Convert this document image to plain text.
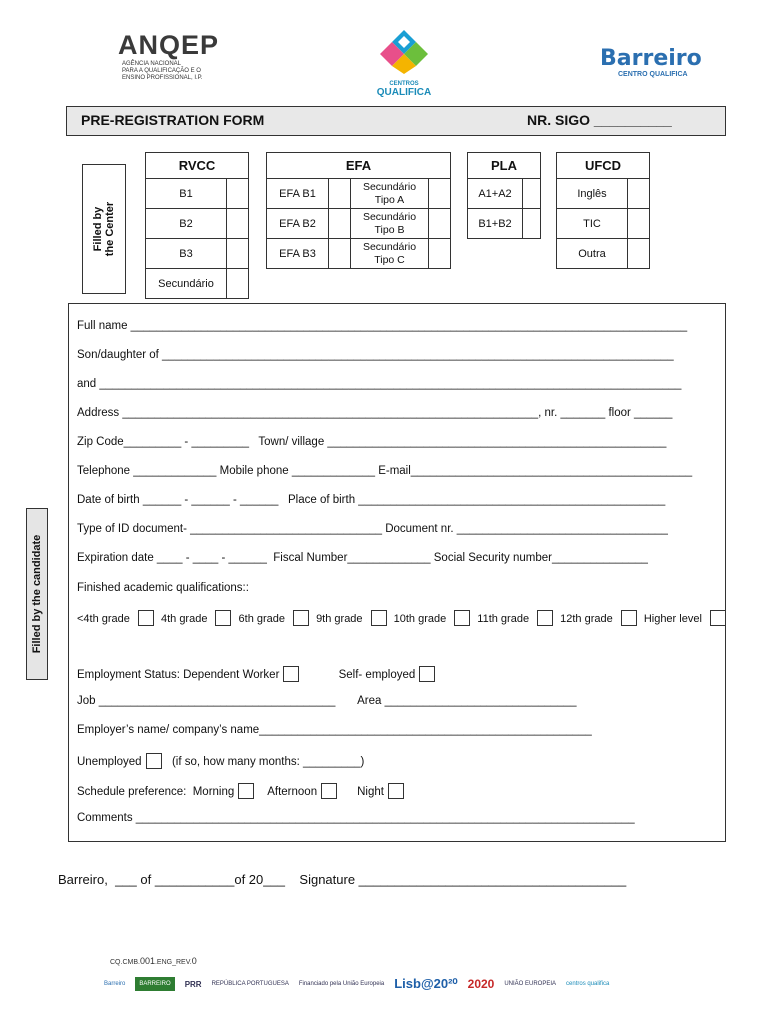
ANQEP
AGÊNCIA NACIONAL
PARA A QUALIFICAÇÃO E O
ENSINO PROFISSIONAL, I.P.
CENTROS
QUALIFICA
Barreiro
CENTRO QUALIFICA
PRE-REGISTRATION FORM	NR. SIGO __________
Filled by the Center
RVCC	
B1	
B2	
B3	
Secundário	
EFA			
EFA B1		Secundário
Tipo A	

EFA B2		Secundário
Tipo B	

EFA B3		Secundário
Tipo C	

PLA	
A1+A2	
B1+B2	
UFCD	
Inglês	
TIC	
Outra	
Filled by the candidate
Full name _______________________________________________________________________________________
Son/daughter of ________________________________________________________________________________
and ___________________________________________________________________________________________
Address _________________________________________________________________, nr. _______ floor ______
Zip Code_________ - _________   Town/ village _____________________________________________________
Telephone _____________ Mobile phone _____________ E-mail____________________________________________
Date of birth ______ - ______ - ______   Place of birth ________________________________________________
Type of ID document- ______________________________ Document nr. _________________________________
Expiration date ____ - ____ - ______  Fiscal Number_____________ Social Security number_______________
Finished academic qualifications::
<4th grade	4th grade	6th grade	9th grade	10th grade	11th grade	12th grade	Higher level
Employment Status: Dependent Worker	Self- employed
Job _____________________________________       Area ______________________________
Employer’s name/ company’s name____________________________________________________
Unemployed	(if so, how many months: _________)
Schedule preference:  Morning	Afternoon	Night
Comments ______________________________________________________________________________
Barreiro,  ___ of ___________of 20___    Signature _____________________________________
CQ.CMB.001.ENG_REV.0
Barreiro	BARREIRO	PRR REPÚBLICA PORTUGUESA Financiado pela União Europeia Lisb@20²⁰ 2020 UNIÃO EUROPEIA centros qualifica
